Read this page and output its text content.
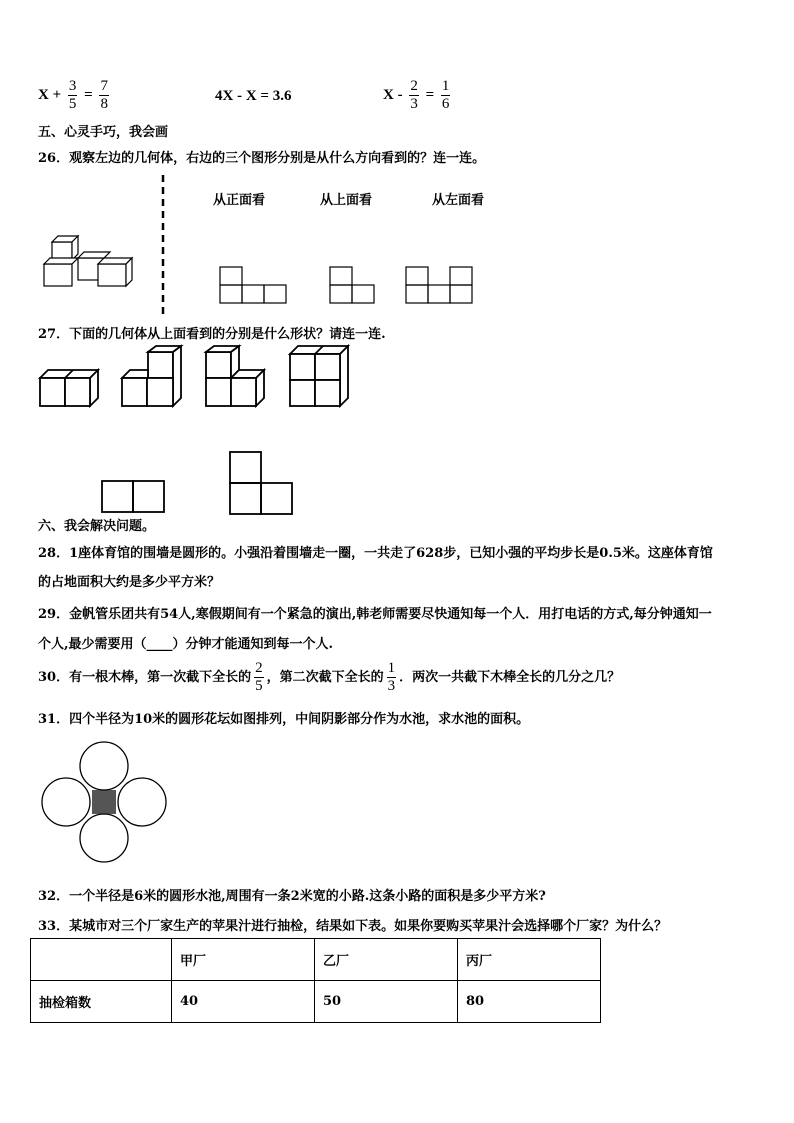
$X + \frac{3}{5} = \frac{7}{8}$	4X - X = 3.6	$X - \frac{2}{3} = \frac{1}{6}$
五、心灵手巧，我会画
26．观察左边的几何体，右边的三个图形分别是从什么方向看到的？连一连。
从正面看	从上面看	从左面看
27．下面的几何体从上面看到的分别是什么形状？请连一连.
六、我会解决问题。
28．1座体育馆的围墙是圆形的。小强沿着围墙走一圈，一共走了628步，已知小强的平均步长是0.5米。这座体育馆
的占地面积大约是多少平方米？
29．金帆管乐团共有54人,寒假期间有一个紧急的演出,韩老师需要尽快通知每一个人．用打电话的方式,每分钟通知一
个人,最少需要用（____）分钟才能通知到每一个人.
30．有一根木棒，第一次截下全长的 $\frac{2}{5}$ ，第二次截下全长的 $\frac{1}{3}$ ．两次一共截下木棒全长的几分之几？
31．四个半径为10米的圆形花坛如图排列，中间阴影部分作为水池，求水池的面积。
32．一个半径是6米的圆形水池,周围有一条2米宽的小路.这条小路的面积是多少平方米?
33．某城市对三个厂家生产的苹果汁进行抽检，结果如下表。如果你要购买苹果汁会选择哪个厂家？为什么？
	甲厂	乙厂	丙厂
抽检箱数	40	50	80
